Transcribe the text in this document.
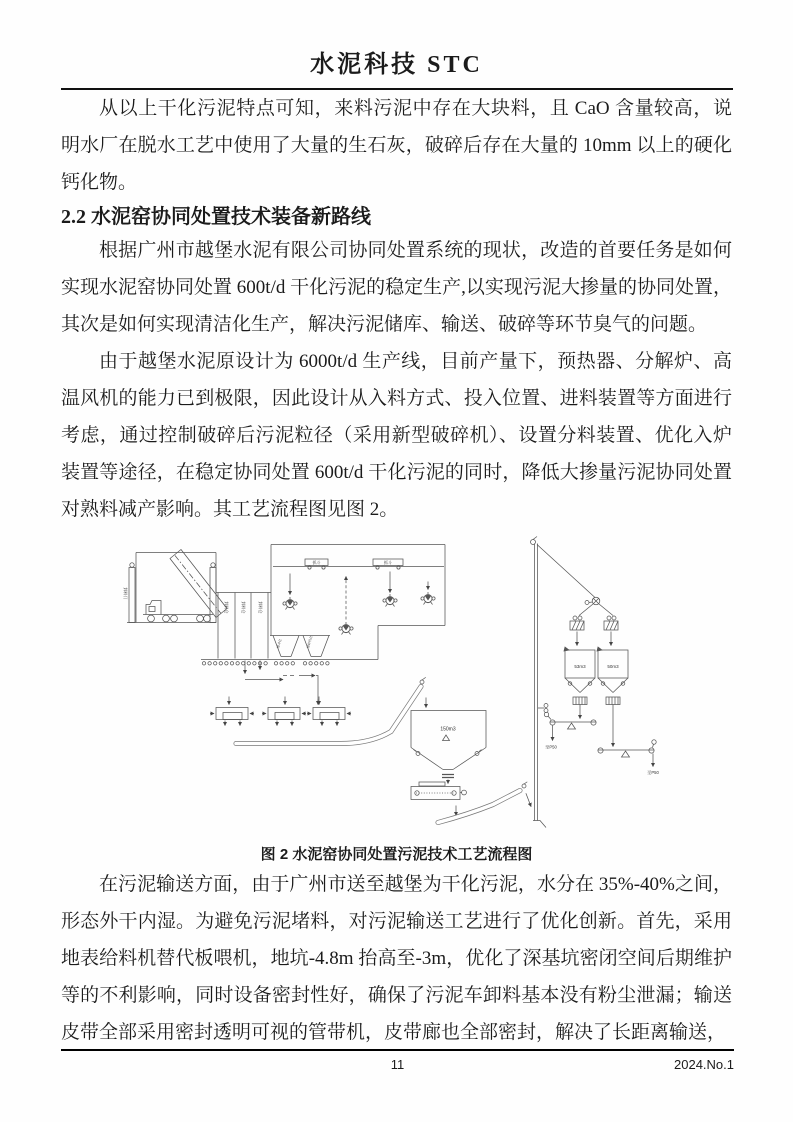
水泥科技 STC

从以上干化污泥特点可知，来料污泥中存在大块料，且 CaO 含量较高，说明水厂在脱水工艺中使用了大量的生石灰，破碎后存在大量的 10mm 以上的硬化钙化物。

2.2 水泥窑协同处置技术装备新路线

根据广州市越堡水泥有限公司协同处置系统的现状，改造的首要任务是如何实现水泥窑协同处置 600t/d 干化污泥的稳定生产,以实现污泥大掺量的协同处置，其次是如何实现清洁化生产，解决污泥储库、输送、破碎等环节臭气的问题。

由于越堡水泥原设计为 6000t/d 生产线，目前产量下，预热器、分解炉、高温风机的能力已到极限，因此设计从入料方式、投入位置、进料装置等方面进行考虑，通过控制破碎后污泥粒径（采用新型破碎机）、设置分料装置、优化入炉装置等途径，在稳定协同处置 600t/d 干化污泥的同时，降低大掺量污泥协同处置对熟料减产影响。其工艺流程图见图 2。

卸料门
卸料仓	卸料仓	卸料仓
抓斗	抓斗
缓冲仓	破碎机仓
150m3
53m3	50m3
至P50
至P50

图 2 水泥窑协同处置污泥技术工艺流程图

在污泥输送方面，由于广州市送至越堡为干化污泥，水分在 35%-40%之间，形态外干内湿。为避免污泥堵料，对污泥输送工艺进行了优化创新。首先，采用地表给料机替代板喂机，地坑-4.8m 抬高至-3m，优化了深基坑密闭空间后期维护等的不利影响，同时设备密封性好，确保了污泥车卸料基本没有粉尘泄漏；输送皮带全部采用密封透明可视的管带机，皮带廊也全部密封，解决了长距离输送，

11	2024.No.1
